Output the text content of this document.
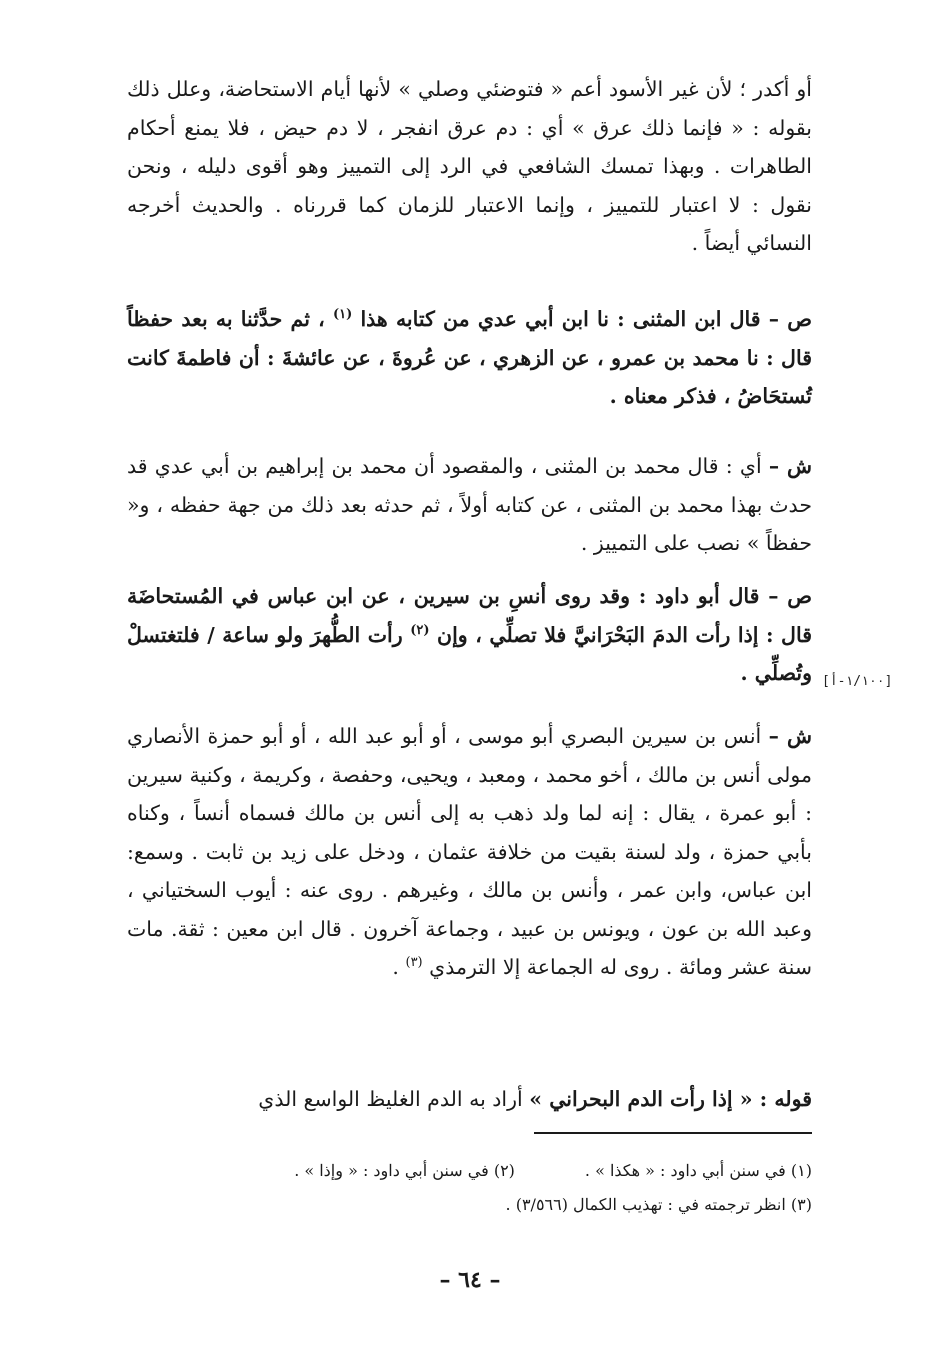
أو أكدر ؛ لأن غير الأسود أعم « فتوضئي وصلي » لأنها أيام الاستحاضة، وعلل ذلك بقوله : « فإنما ذلك عرق » أي : دم عرق انفجر ، لا دم حيض ، فلا يمنع أحكام الطاهرات . وبهذا تمسك الشافعي في الرد إلى التمييز وهو أقوى دليله ، ونحن نقول : لا اعتبار للتمييز ، وإنما الاعتبار للزمان كما قررناه . والحديث أخرجه النسائي أيضاً .

ص – قال ابن المثنى : نا ابن أبي عدي من كتابه هذا $^{(١)}$ ، ثم حدَّثنا به بعد حفظاً قال : نا محمد بن عمرو ، عن الزهري ، عن عُروةَ ، عن عائشةَ : أن فاطمةَ كانت تُستحَاضُ ، فذكر معناه .

ش – أي : قال محمد بن المثنى ، والمقصود أن محمد بن إبراهيم بن أبي عدي قد حدث بهذا محمد بن المثنى ، عن كتابه أولاً ، ثم حدثه بعد ذلك من جهة حفظه ، و« حفظاً » نصب على التمييز .

ص – قال أبو داود : وقد روى أنسِ بن سيرين ، عن ابن عباس في المُستحاضَة قال : إذا رأت الدمَ البَحْرَانيَّ فلا تصلِّي ، وإن $^{(٢)}$ رأت الطُّهرَ ولو ساعة / فلتغتسلْ وتُصلِّي . [١/١٠٠-أ]

ش – أنس بن سيرين البصري أبو موسى ، أو أبو عبد الله ، أو أبو حمزة الأنصاري مولى أنس بن مالك ، أخو محمد ، ومعبد ، ويحيى، وحفصة ، وكريمة ، وكنية سيرين : أبو عمرة ، يقال : إنه لما ولد ذهب به إلى أنس بن مالك فسماه أنساً ، وكناه بأبي حمزة ، ولد لسنة بقيت من خلافة عثمان ، ودخل على زيد بن ثابت . وسمع: ابن عباس، وابن عمر ، وأنس بن مالك ، وغيرهم . روى عنه : أيوب السختياني ، وعبد الله بن عون ، ويونس بن عبيد ، وجماعة آخرون . قال ابن معين : ثقة. مات سنة عشر ومائة . روى له الجماعة إلا الترمذي $^{(٣)}$ .

قوله : « إذا رأت الدم البحراني » أراد به الدم الغليظ الواسع الذي

(١) في سنن أبي داود : « هكذا » .
(٢) في سنن أبي داود : « وإذا » .
(٣) انظر ترجمته في : تهذيب الكمال (٣/٥٦٦) .
– ٦٤ –
